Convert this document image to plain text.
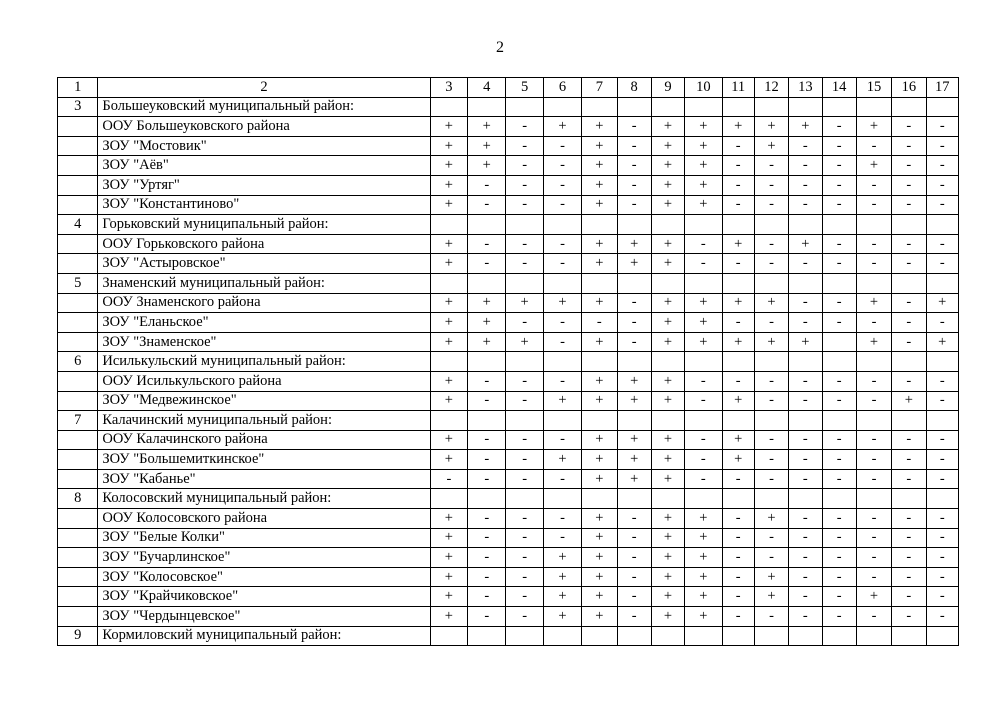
2
1	2	3	4	5	6	7	8	9	10	11	12	13	14	15	16	17
3	Большеуковский муниципальный район:															
	ООУ Большеуковского района	+	+	-	+	+	-	+	+	+	+	+	-	+	-	-
	ЗОУ "Мостовик"	+	+	-	-	+	-	+	+	-	+	-	-	-	-	-
	ЗОУ "Аёв"	+	+	-	-	+	-	+	+	-	-	-	-	+	-	-
	ЗОУ "Уртяг"	+	-	-	-	+	-	+	+	-	-	-	-	-	-	-
	ЗОУ "Константиново"	+	-	-	-	+	-	+	+	-	-	-	-	-	-	-
4	Горьковский муниципальный район:															
	ООУ Горьковского района	+	-	-	-	+	+	+	-	+	-	+	-	-	-	-
	ЗОУ "Астыровское"	+	-	-	-	+	+	+	-	-	-	-	-	-	-	-
5	Знаменский муниципальный район:															
	ООУ Знаменского района	+	+	+	+	+	-	+	+	+	+	-	-	+	-	+
	ЗОУ "Еланьское"	+	+	-	-	-	-	+	+	-	-	-	-	-	-	-
	ЗОУ "Знаменское"	+	+	+	-	+	-	+	+	+	+	+		+	-	+
6	Исилькульский муниципальный район:															
	ООУ Исилькульского района	+	-	-	-	+	+	+	-	-	-	-	-	-	-	-
	ЗОУ "Медвежинское"	+	-	-	+	+	+	+	-	+	-	-	-	-	+	-
7	Калачинский муниципальный район:															
	ООУ Калачинского района	+	-	-	-	+	+	+	-	+	-	-	-	-	-	-
	ЗОУ "Большемиткинское"	+	-	-	+	+	+	+	-	+	-	-	-	-	-	-
	ЗОУ "Кабанье"	-	-	-	-	+	+	+	-	-	-	-	-	-	-	-
8	Колосовский муниципальный район:															
	ООУ Колосовского района	+	-	-	-	+	-	+	+	-	+	-	-	-	-	-
	ЗОУ "Белые Колки"	+	-	-	-	+	-	+	+	-	-	-	-	-	-	-
	ЗОУ "Бучарлинское"	+	-	-	+	+	-	+	+	-	-	-	-	-	-	-
	ЗОУ "Колосовское"	+	-	-	+	+	-	+	+	-	+	-	-	-	-	-
	ЗОУ "Крайчиковское"	+	-	-	+	+	-	+	+	-	+	-	-	+	-	-
	ЗОУ "Чердынцевское"	+	-	-	+	+	-	+	+	-	-	-	-	-	-	-
9	Кормиловский муниципальный район:															
